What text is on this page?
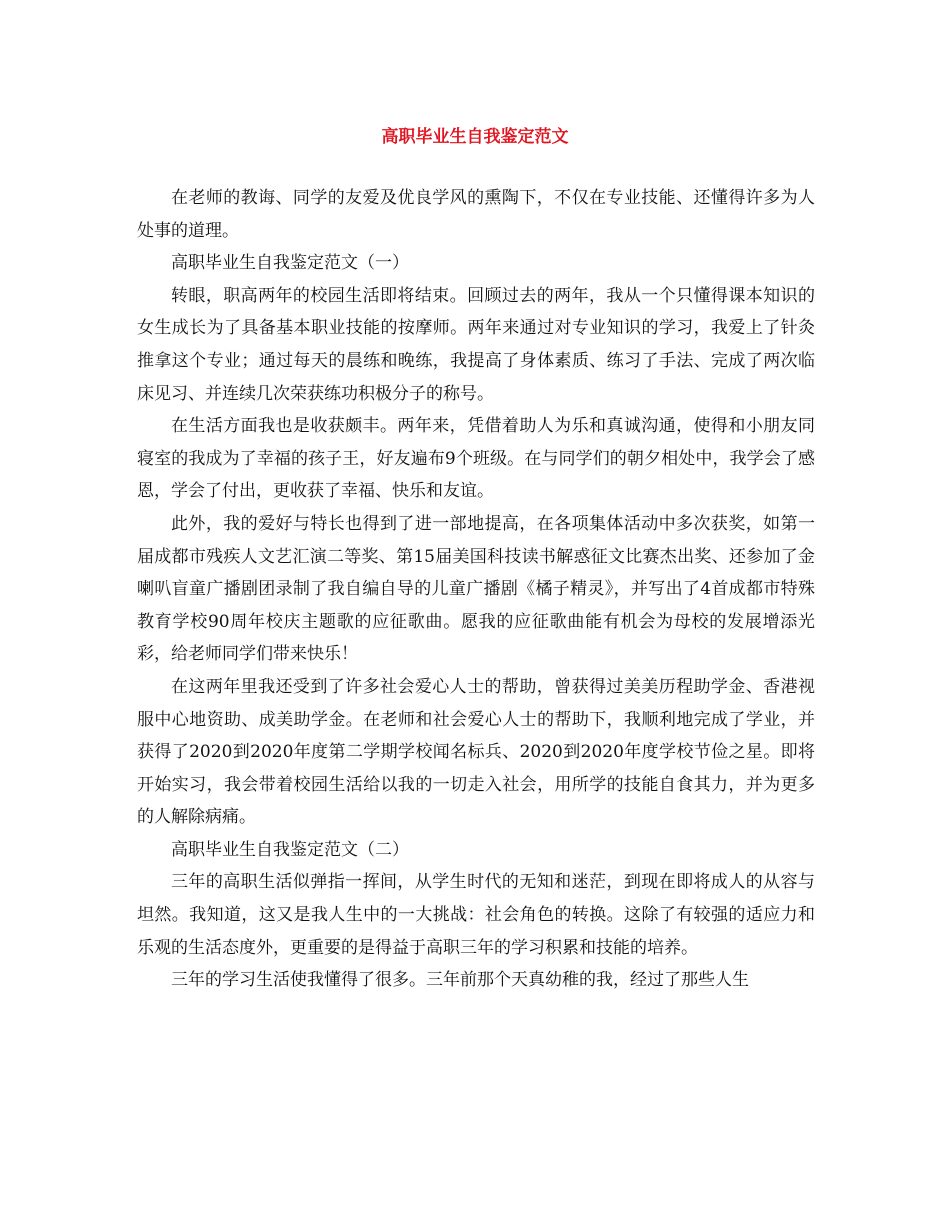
高职毕业生自我鉴定范文

在老师的教诲、同学的友爱及优良学风的熏陶下，不仅在专业技能、还懂得许多为人处事的道理。

高职毕业生自我鉴定范文（一）

转眼，职高两年的校园生活即将结束。回顾过去的两年，我从一个只懂得课本知识的女生成长为了具备基本职业技能的按摩师。两年来通过对专业知识的学习，我爱上了针灸推拿这个专业；通过每天的晨练和晚练，我提高了身体素质、练习了手法、完成了两次临床见习、并连续几次荣获练功积极分子的称号。

在生活方面我也是收获颇丰。两年来，凭借着助人为乐和真诚沟通，使得和小朋友同寝室的我成为了幸福的孩子王，好友遍布9个班级。在与同学们的朝夕相处中，我学会了感恩，学会了付出，更收获了幸福、快乐和友谊。

此外，我的爱好与特长也得到了进一部地提高，在各项集体活动中多次获奖，如第一届成都市残疾人文艺汇演二等奖、第15届美国科技读书解惑征文比赛杰出奖、还参加了金喇叭盲童广播剧团录制了我自编自导的儿童广播剧《橘子精灵》，并写出了4首成都市特殊教育学校90周年校庆主题歌的应征歌曲。愿我的应征歌曲能有机会为母校的发展增添光彩，给老师同学们带来快乐！

在这两年里我还受到了许多社会爱心人士的帮助，曾获得过美美历程助学金、香港视服中心地资助、成美助学金。在老师和社会爱心人士的帮助下，我顺利地完成了学业，并获得了2020到2020年度第二学期学校闻名标兵、2020到2020年度学校节俭之星。即将开始实习，我会带着校园生活给以我的一切走入社会，用所学的技能自食其力，并为更多的人解除病痛。

高职毕业生自我鉴定范文（二）

三年的高职生活似弹指一挥间，从学生时代的无知和迷茫，到现在即将成人的从容与坦然。我知道，这又是我人生中的一大挑战：社会角色的转换。这除了有较强的适应力和乐观的生活态度外，更重要的是得益于高职三年的学习积累和技能的培养。

三年的学习生活使我懂得了很多。三年前那个天真幼稚的我，经过了那些人生
